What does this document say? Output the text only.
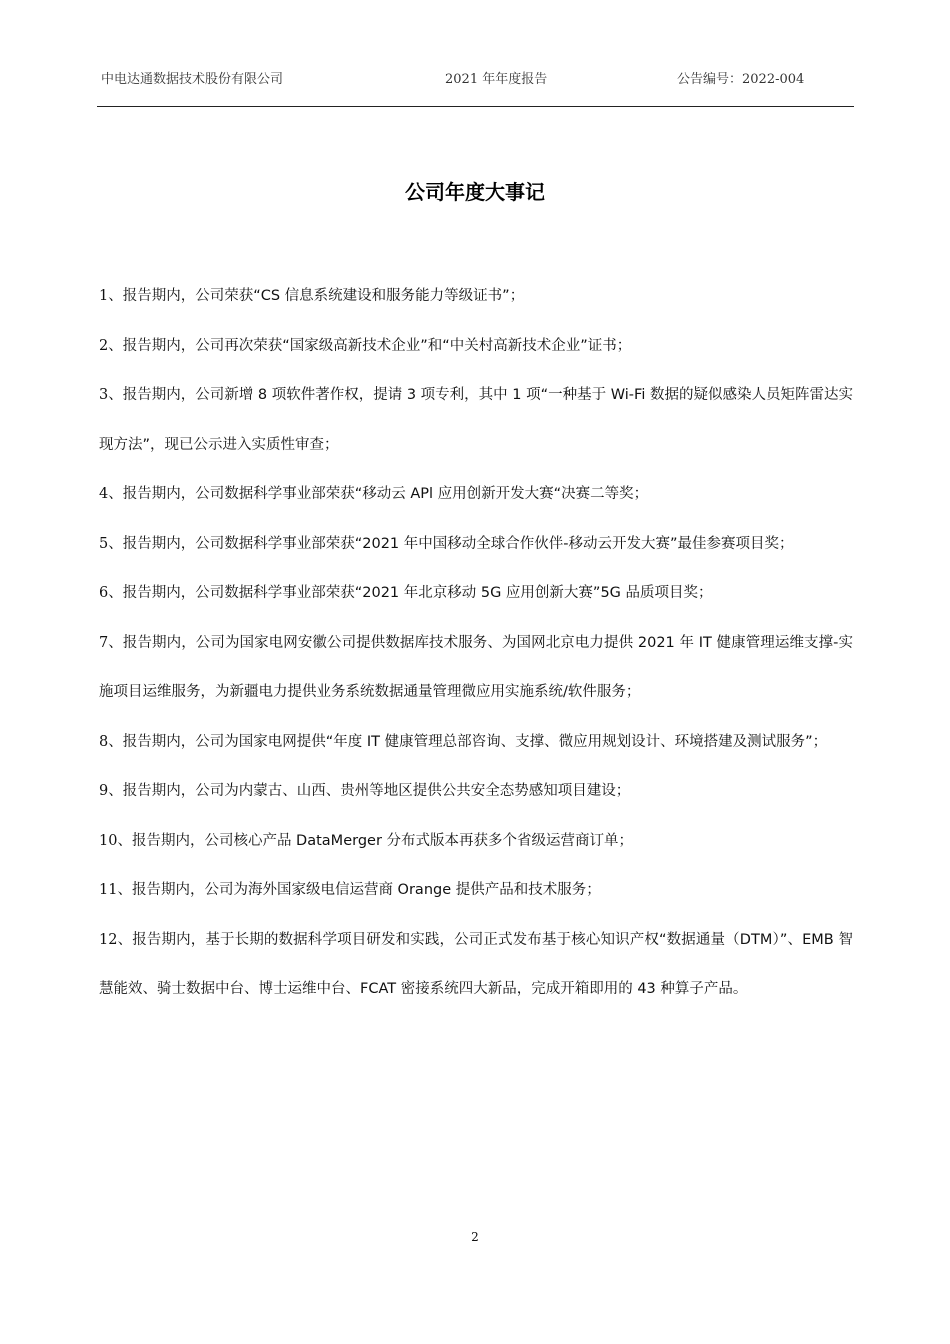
中电达通数据技术股份有限公司	2021 年年度报告	公告编号：2022-004
公司年度大事记
1、报告期内，公司荣获“CS 信息系统建设和服务能力等级证书”；
2、报告期内，公司再次荣获“国家级高新技术企业”和“中关村高新技术企业”证书；
3、报告期内，公司新增 8 项软件著作权，提请 3 项专利，其中 1 项“一种基于 Wi-Fi 数据的疑似感染人员矩阵雷达实现方法”，现已公示进入实质性审查；
4、报告期内，公司数据科学事业部荣获“移动云 APl 应用创新开发大赛“决赛二等奖；
5、报告期内，公司数据科学事业部荣获“2021 年中国移动全球合作伙伴-移动云开发大赛”最佳参赛项目奖；
6、报告期内，公司数据科学事业部荣获“2021 年北京移动 5G 应用创新大赛”5G 品质项目奖；
7、报告期内，公司为国家电网安徽公司提供数据库技术服务、为国网北京电力提供 2021 年 IT 健康管理运维支撑-实施项目运维服务，为新疆电力提供业务系统数据通量管理微应用实施系统/软件服务；
8、报告期内，公司为国家电网提供“年度 IT 健康管理总部咨询、支撑、微应用规划设计、环境搭建及测试服务”；
9、报告期内，公司为内蒙古、山西、贵州等地区提供公共安全态势感知项目建设；
10、报告期内，公司核心产品 DataMerger 分布式版本再获多个省级运营商订单；
11、报告期内，公司为海外国家级电信运营商 Orange 提供产品和技术服务；
12、报告期内，基于长期的数据科学项目研发和实践，公司正式发布基于核心知识产权“数据通量（DTM）”、EMB 智慧能效、骑士数据中台、博士运维中台、FCAT 密接系统四大新品，完成开箱即用的 43 种算子产品。
2
